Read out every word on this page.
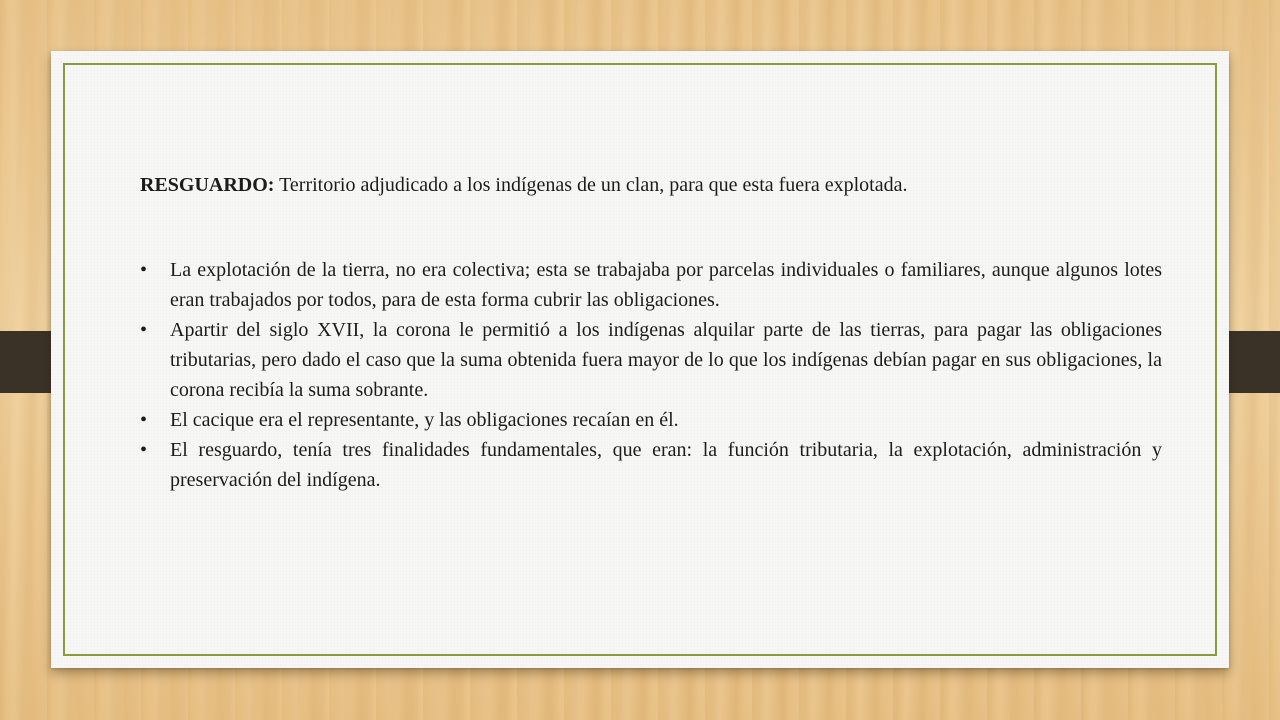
RESGUARDO: Territorio adjudicado a los indígenas de un clan, para que esta fuera explotada.

• La explotación de la tierra, no era colectiva; esta se trabajaba por parcelas individuales o familiares, aunque algunos lotes eran trabajados por todos, para de esta forma cubrir las obligaciones.
• Apartir del siglo XVII, la corona le permitió a los indígenas alquilar parte de las tierras, para pagar las obligaciones tributarias, pero dado el caso que la suma obtenida fuera mayor de lo que los indígenas debían pagar en sus obligaciones, la corona recibía la suma sobrante.
• El cacique era el representante, y las obligaciones recaían en él.
• El resguardo, tenía tres finalidades fundamentales, que eran: la función tributaria, la explotación, administración y preservación del indígena.
